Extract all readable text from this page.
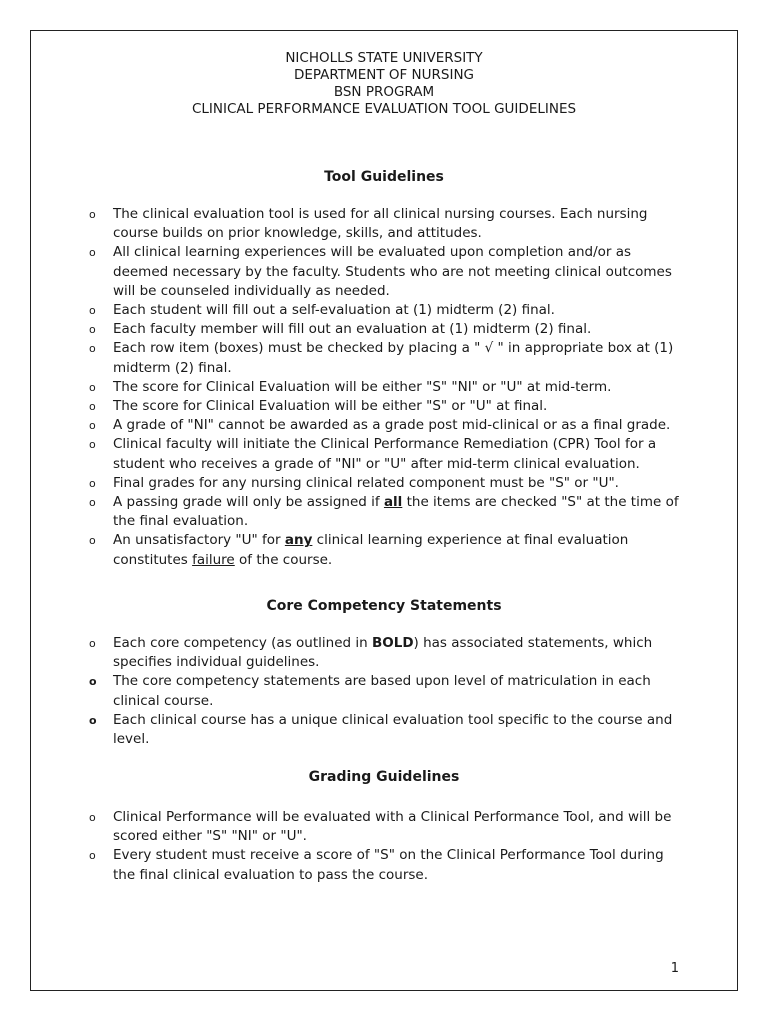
NICHOLLS STATE UNIVERSITY
DEPARTMENT OF NURSING
BSN PROGRAM
CLINICAL PERFORMANCE EVALUATION TOOL GUIDELINES
Tool Guidelines
o The clinical evaluation tool is used for all clinical nursing courses. Each nursing course builds on prior knowledge, skills, and attitudes.
o All clinical learning experiences will be evaluated upon completion and/or as deemed necessary by the faculty. Students who are not meeting clinical outcomes will be counseled individually as needed.
o Each student will fill out a self-evaluation at (1) midterm (2) final.
o Each faculty member will fill out an evaluation at (1) midterm (2) final.
o Each row item (boxes) must be checked by placing a " √ " in appropriate box at (1) midterm (2) final.
o The score for Clinical Evaluation will be either "S" "NI" or "U" at mid-term.
o The score for Clinical Evaluation will be either "S" or "U" at final.
o A grade of "NI" cannot be awarded as a grade post mid-clinical or as a final grade.
o Clinical faculty will initiate the Clinical Performance Remediation (CPR) Tool for a student who receives a grade of "NI" or "U" after mid-term clinical evaluation.
o Final grades for any nursing clinical related component must be "S" or "U".
o A passing grade will only be assigned if all the items are checked "S" at the time of the final evaluation.
o An unsatisfactory "U" for any clinical learning experience at final evaluation constitutes failure of the course.
Core Competency Statements
o Each core competency (as outlined in BOLD) has associated statements, which specifies individual guidelines.
o The core competency statements are based upon level of matriculation in each clinical course.
o Each clinical course has a unique clinical evaluation tool specific to the course and level.
Grading Guidelines
o Clinical Performance will be evaluated with a Clinical Performance Tool, and will be scored either "S" "NI" or "U".
o Every student must receive a score of "S" on the Clinical Performance Tool during the final clinical evaluation to pass the course.
1
